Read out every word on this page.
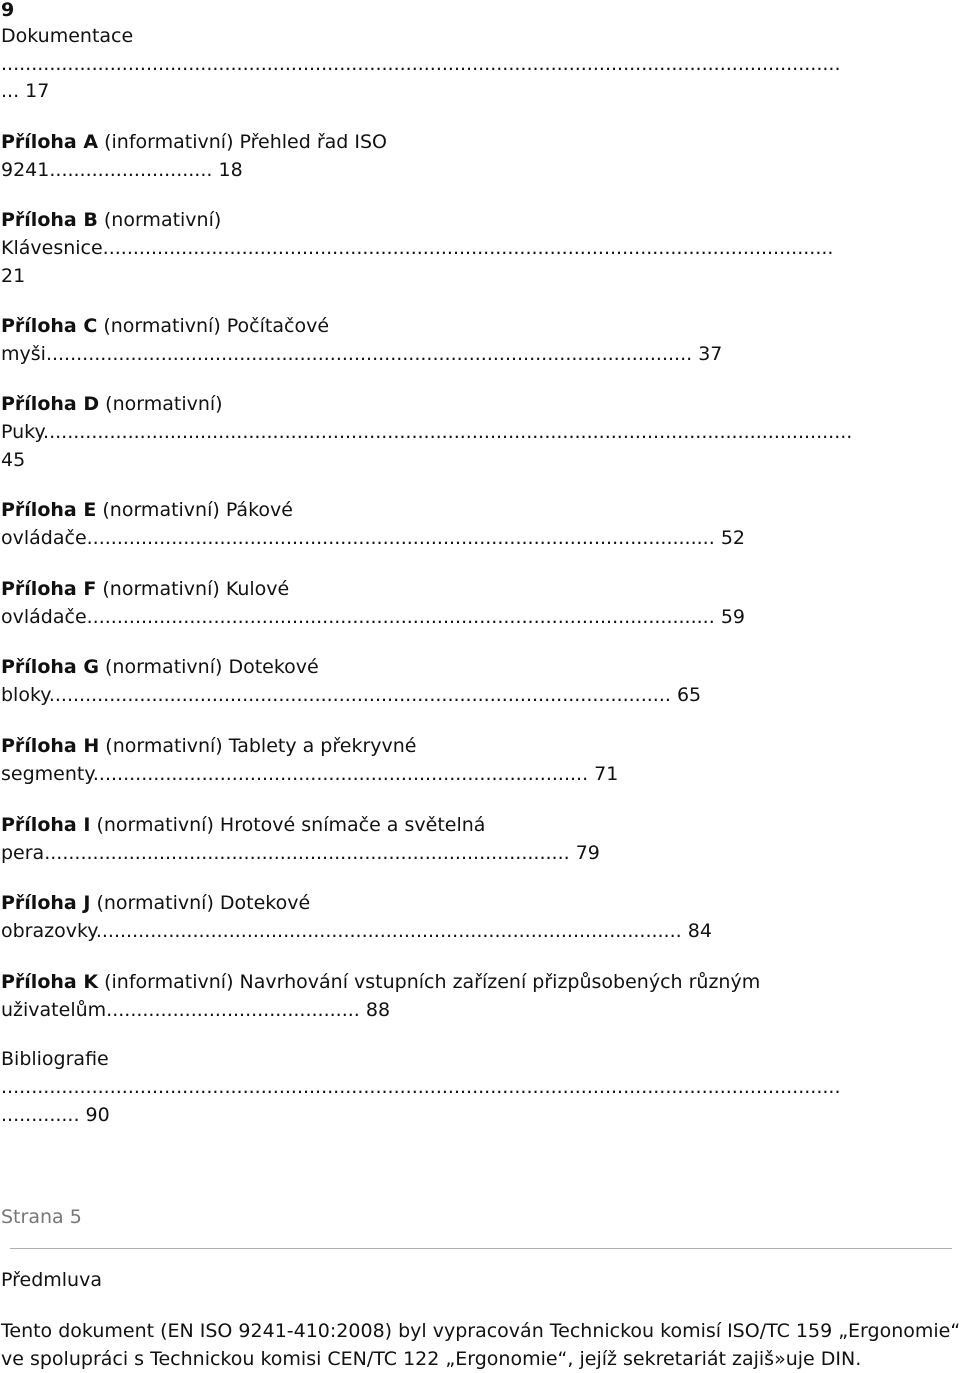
9
Dokumentace
...........................................................................................................................................
... 17
Příloha A (informativní) Přehled řad ISO
9241........................... 18
Příloha B (normativní)
Klávesnice.........................................................................................................................
21
Příloha C (normativní) Počítačové
myši........................................................................................................... 37
Příloha D (normativní)
Puky......................................................................................................................................
45
Příloha E (normativní) Pákové
ovládače........................................................................................................ 52
Příloha F (normativní) Kulové
ovládače........................................................................................................ 59
Příloha G (normativní) Dotekové
bloky....................................................................................................... 65
Příloha H (normativní) Tablety a překryvné
segmenty.................................................................................. 71
Příloha I (normativní) Hrotové snímače a světelná
pera....................................................................................... 79
Příloha J (normativní) Dotekové
obrazovky................................................................................................. 84
Příloha K (informativní) Navrhování vstupních zařízení přizpůsobených různým
uživatelům.......................................... 88
Bibliografie
...........................................................................................................................................
............. 90
Strana 5
Předmluva
Tento dokument (EN ISO 9241-410:2008) byl vypracován Technickou komisí ISO/TC 159 „Ergonomie“
ve spolupráci s Technickou komisi CEN/TC 122 „Ergonomie“, jejíž sekretariát zajiš»uje DIN.
